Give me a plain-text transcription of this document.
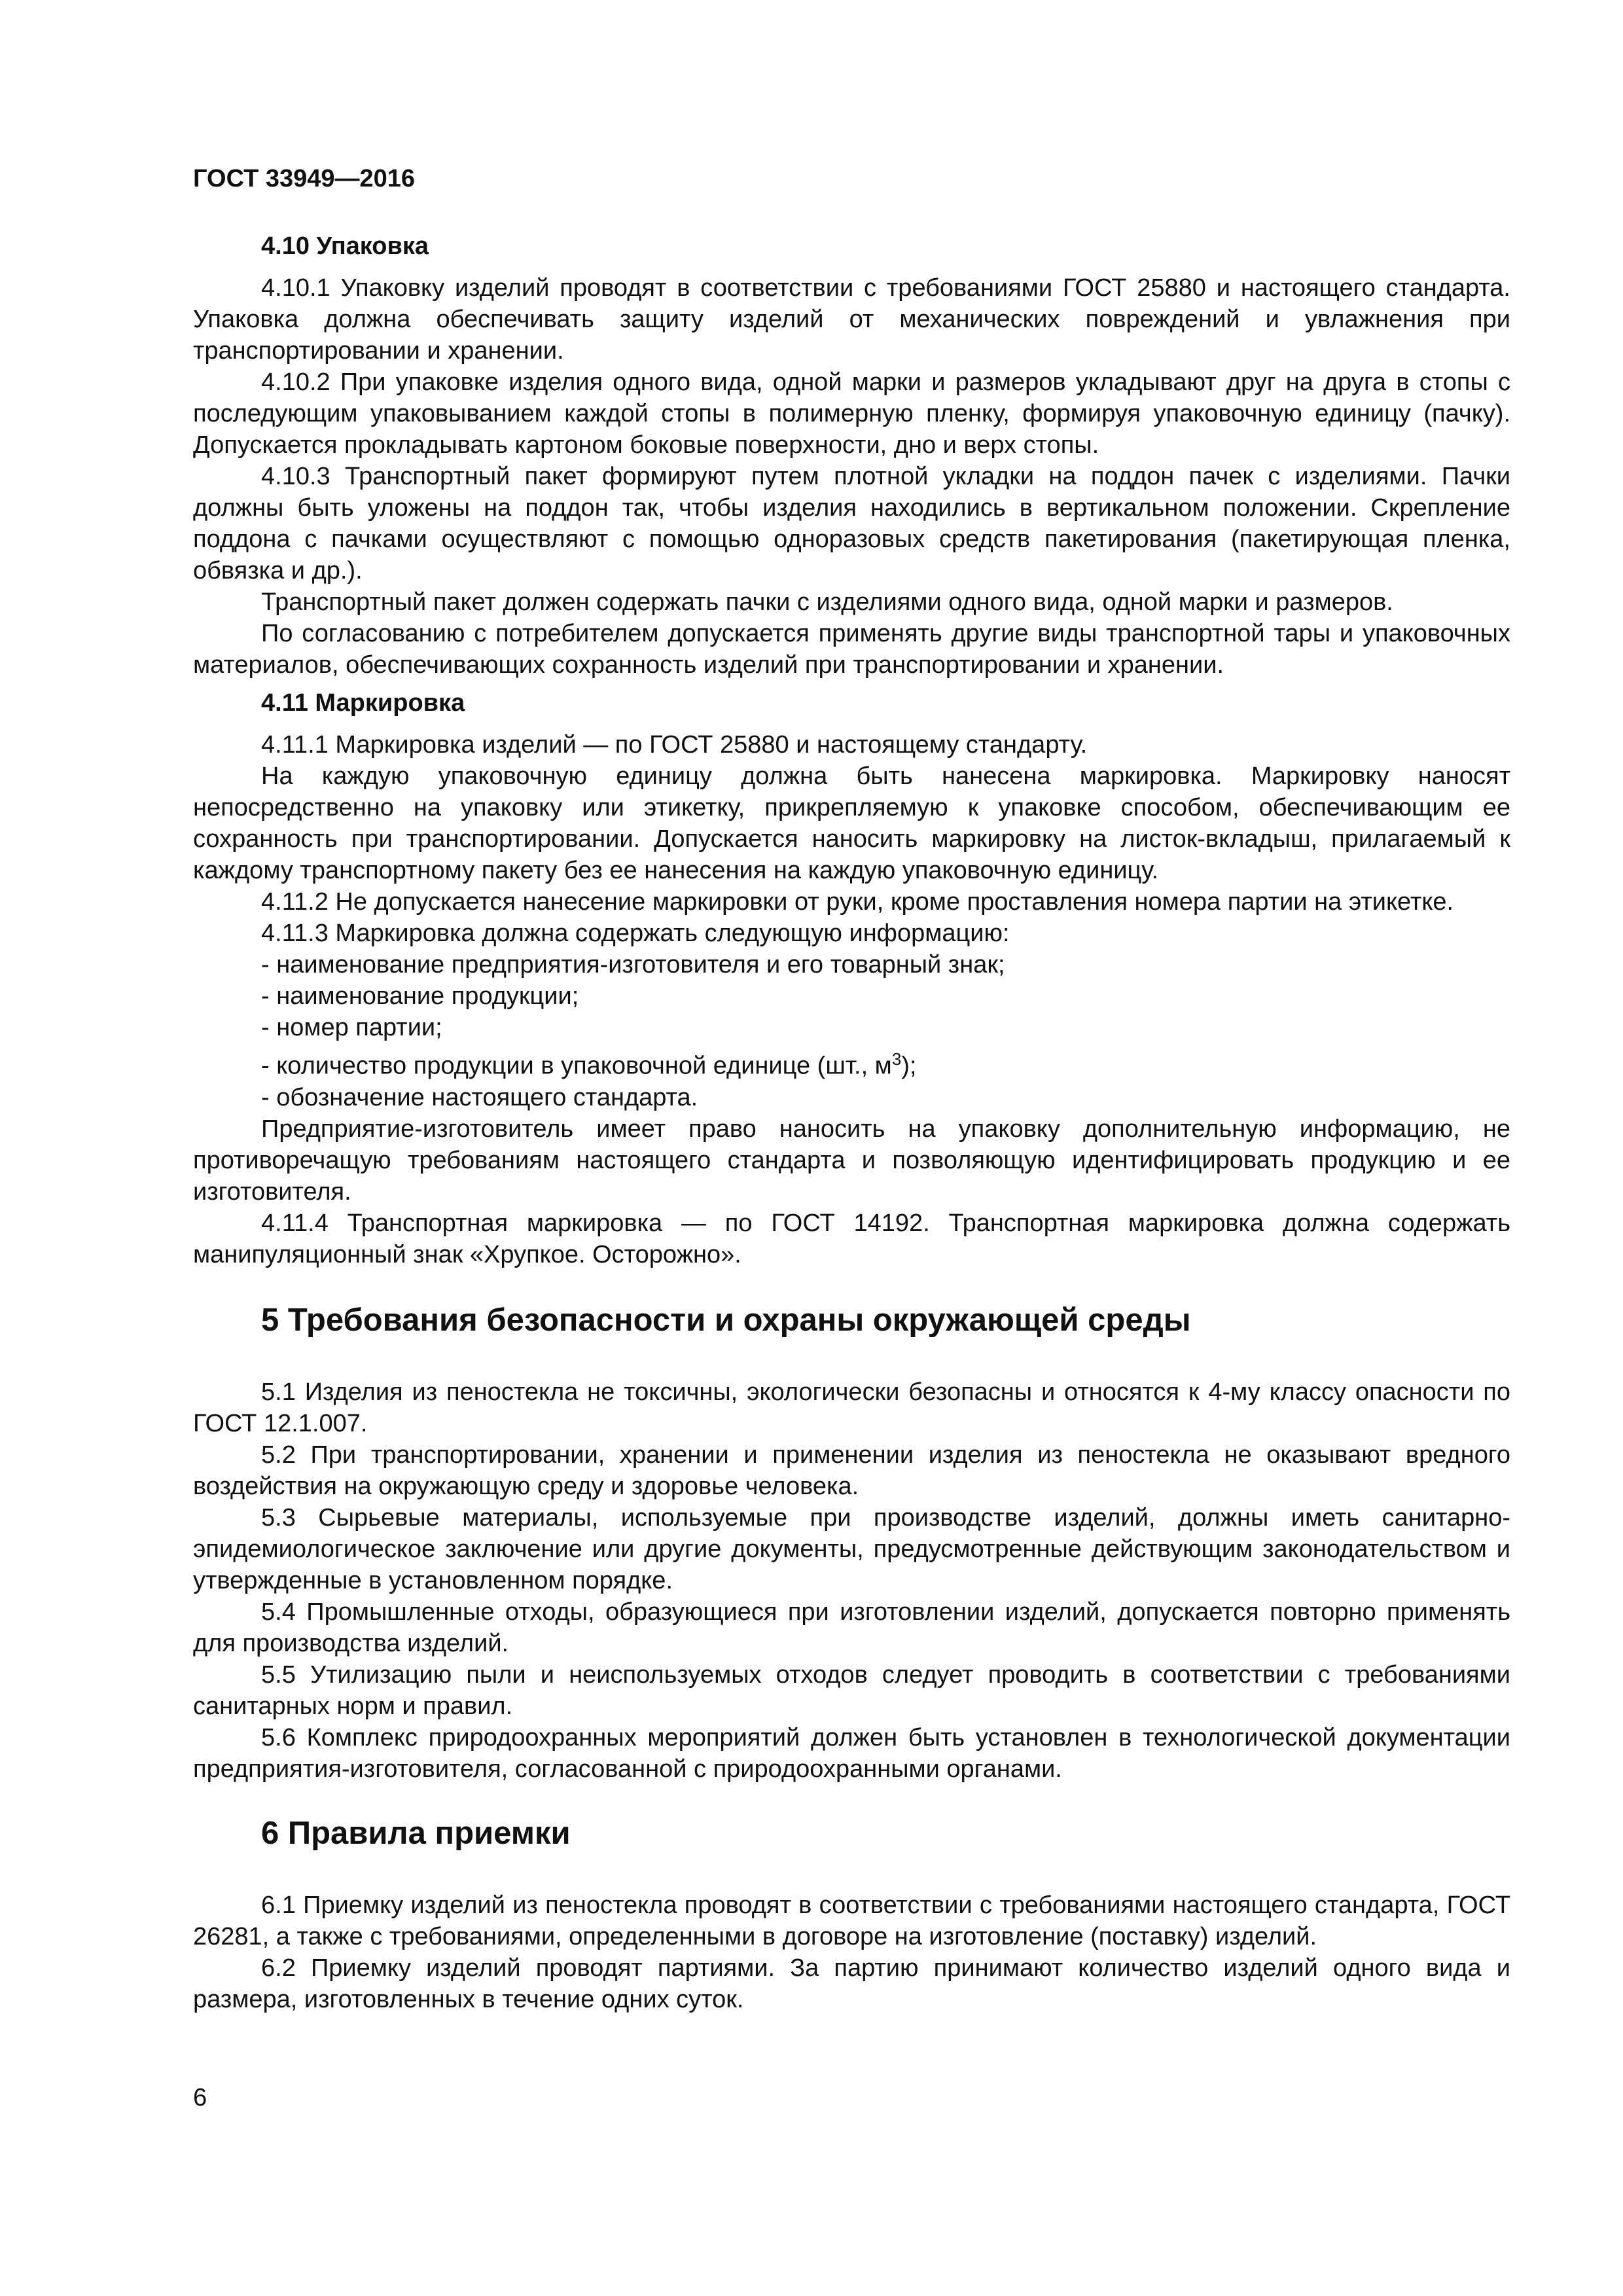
ГОСТ 33949—2016
4.10 Упаковка
4.10.1 Упаковку изделий проводят в соответствии с требованиями ГОСТ 25880 и настоящего стандарта. Упаковка должна обеспечивать защиту изделий от механических повреждений и увлажнения при транспортировании и хранении.
4.10.2 При упаковке изделия одного вида, одной марки и размеров укладывают друг на друга в стопы с последующим упаковыванием каждой стопы в полимерную пленку, формируя упаковочную единицу (пачку). Допускается прокладывать картоном боковые поверхности, дно и верх стопы.
4.10.3 Транспортный пакет формируют путем плотной укладки на поддон пачек с изделиями. Пачки должны быть уложены на поддон так, чтобы изделия находились в вертикальном положении. Скрепление поддона с пачками осуществляют с помощью одноразовых средств пакетирования (пакетирующая пленка, обвязка и др.).
Транспортный пакет должен содержать пачки с изделиями одного вида, одной марки и размеров.
По согласованию с потребителем допускается применять другие виды транспортной тары и упаковочных материалов, обеспечивающих сохранность изделий при транспортировании и хранении.
4.11 Маркировка
4.11.1 Маркировка изделий — по ГОСТ 25880 и настоящему стандарту.
На каждую упаковочную единицу должна быть нанесена маркировка. Маркировку наносят непосредственно на упаковку или этикетку, прикрепляемую к упаковке способом, обеспечивающим ее сохранность при транспортировании. Допускается наносить маркировку на листок-вкладыш, прилагаемый к каждому транспортному пакету без ее нанесения на каждую упаковочную единицу.
4.11.2 Не допускается нанесение маркировки от руки, кроме проставления номера партии на этикетке.
4.11.3 Маркировка должна содержать следующую информацию:
- наименование предприятия-изготовителя и его товарный знак;
- наименование продукции;
- номер партии;
- количество продукции в упаковочной единице (шт., $м^3$);
- обозначение настоящего стандарта.
Предприятие-изготовитель имеет право наносить на упаковку дополнительную информацию, не противоречащую требованиям настоящего стандарта и позволяющую идентифицировать продукцию и ее изготовителя.
4.11.4 Транспортная маркировка — по ГОСТ 14192. Транспортная маркировка должна содержать манипуляционный знак «Хрупкое. Осторожно».
5 Требования безопасности и охраны окружающей среды
5.1 Изделия из пеностекла не токсичны, экологически безопасны и относятся к 4-му классу опасности по ГОСТ 12.1.007.
5.2 При транспортировании, хранении и применении изделия из пеностекла не оказывают вредного воздействия на окружающую среду и здоровье человека.
5.3 Сырьевые материалы, используемые при производстве изделий, должны иметь санитарно-эпидемиологическое заключение или другие документы, предусмотренные действующим законодательством и утвержденные в установленном порядке.
5.4 Промышленные отходы, образующиеся при изготовлении изделий, допускается повторно применять для производства изделий.
5.5 Утилизацию пыли и неиспользуемых отходов следует проводить в соответствии с требованиями санитарных норм и правил.
5.6 Комплекс природоохранных мероприятий должен быть установлен в технологической документации предприятия-изготовителя, согласованной с природоохранными органами.
6 Правила приемки
6.1 Приемку изделий из пеностекла проводят в соответствии с требованиями настоящего стандарта, ГОСТ 26281, а также с требованиями, определенными в договоре на изготовление (поставку) изделий.
6.2 Приемку изделий проводят партиями. За партию принимают количество изделий одного вида и размера, изготовленных в течение одних суток.
6
